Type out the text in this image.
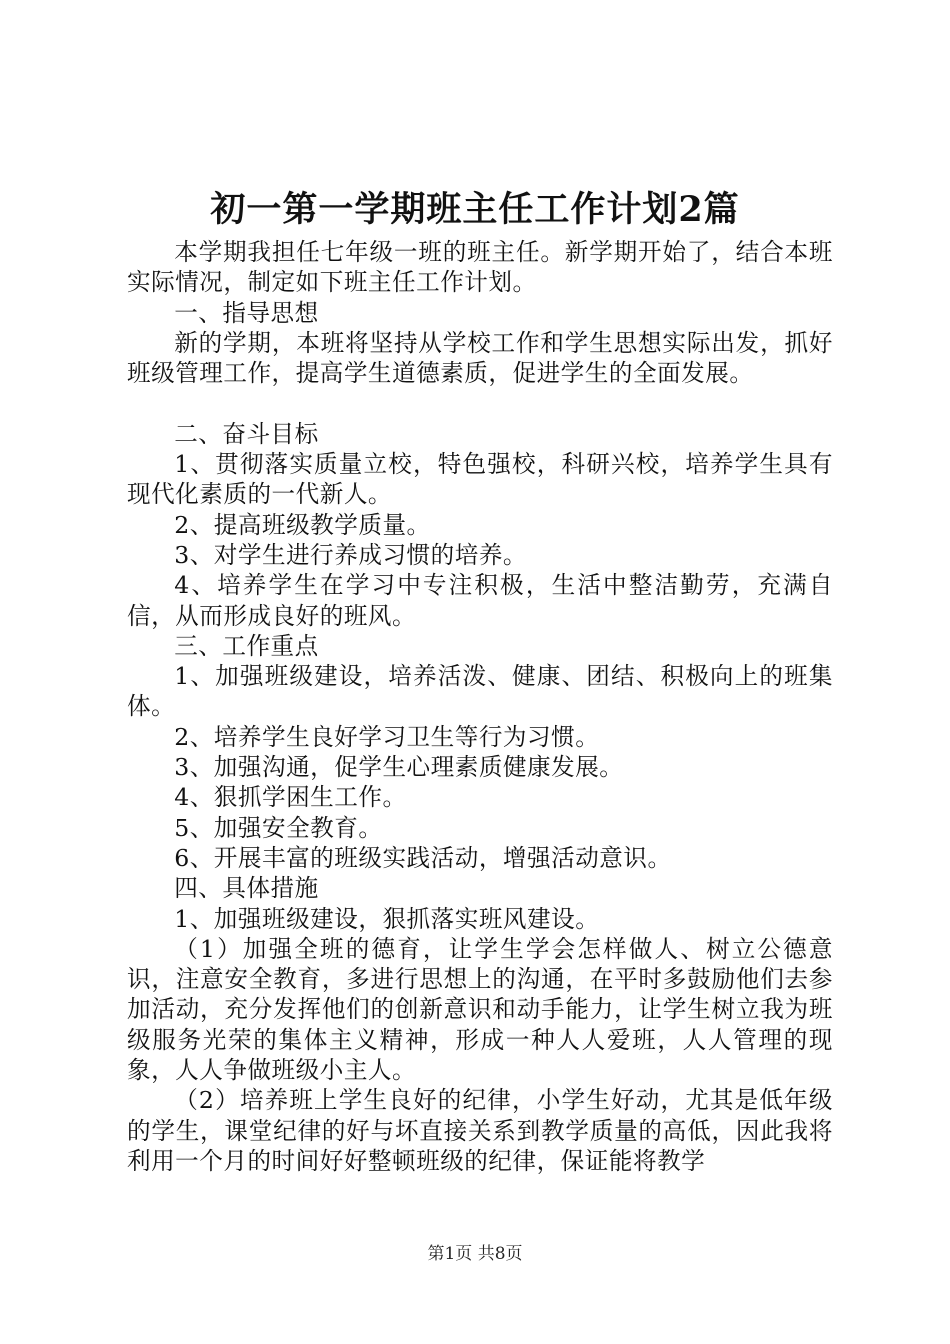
初一第一学期班主任工作计划2篇

本学期我担任七年级一班的班主任。新学期开始了，结合本班实际情况，制定如下班主任工作计划。

一、指导思想

新的学期，本班将坚持从学校工作和学生思想实际出发，抓好班级管理工作，提高学生道德素质，促进学生的全面发展。

二、奋斗目标

1、贯彻落实质量立校，特色强校，科研兴校，培养学生具有现代化素质的一代新人。

2、提高班级教学质量。

3、对学生进行养成习惯的培养。

4、培养学生在学习中专注积极，生活中整洁勤劳，充满自信，从而形成良好的班风。

三、工作重点

1、加强班级建设，培养活泼、健康、团结、积极向上的班集体。

2、培养学生良好学习卫生等行为习惯。

3、加强沟通，促学生心理素质健康发展。

4、狠抓学困生工作。

5、加强安全教育。

6、开展丰富的班级实践活动，增强活动意识。

四、具体措施

1、加强班级建设，狠抓落实班风建设。

（1）加强全班的德育，让学生学会怎样做人、树立公德意识，注意安全教育，多进行思想上的沟通，在平时多鼓励他们去参加活动，充分发挥他们的创新意识和动手能力，让学生树立我为班级服务光荣的集体主义精神，形成一种人人爱班，人人管理的现象，人人争做班级小主人。

（2）培养班上学生良好的纪律，小学生好动，尤其是低年级的学生，课堂纪律的好与坏直接关系到教学质量的高低，因此我将利用一个月的时间好好整顿班级的纪律，保证能将教学

第1页 共8页
